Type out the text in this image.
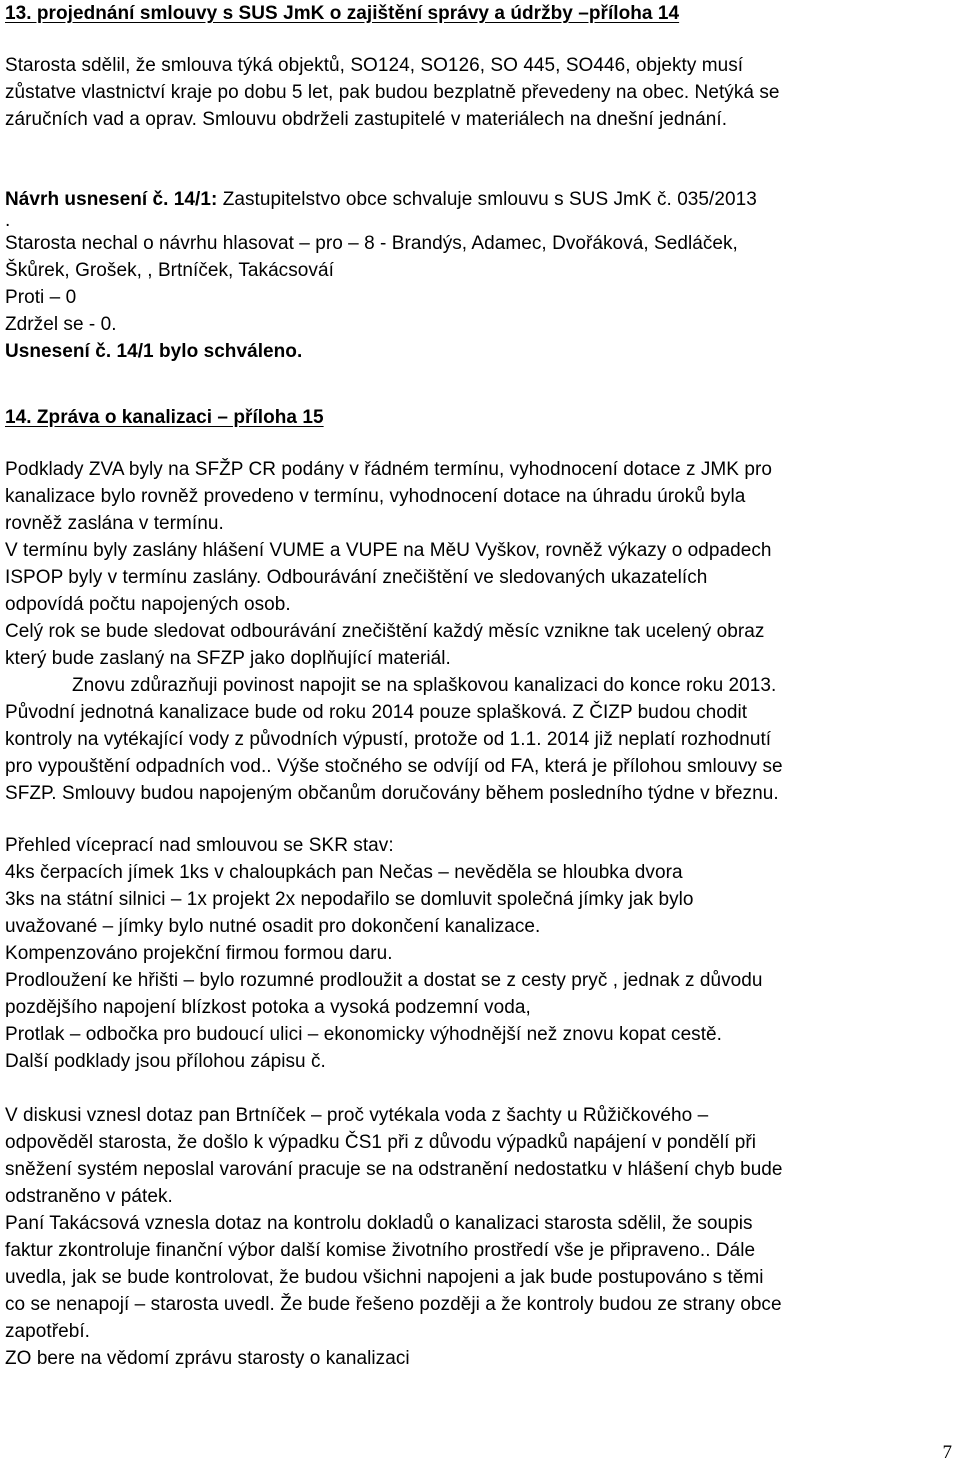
13. projednání smlouvy s SUS JmK o zajištění správy a údržby –příloha 14
Starosta sdělil, že smlouva týká objektů, SO124, SO126, SO 445, SO446, objekty musí
zůstatve vlastnictví kraje po dobu 5 let, pak budou bezplatně převedeny na obec. Netýká se
záručních vad a oprav. Smlouvu obdrželi zastupitelé v materiálech na dnešní jednání.
Návrh usnesení č. 14/1: Zastupitelstvo obce schvaluje smlouvu s SUS JmK č. 035/2013
.
Starosta nechal o návrhu hlasovat – pro – 8 - Brandýs, Adamec, Dvořáková, Sedláček,
Škůrek, Grošek, , Brtníček, Takácsováí
Proti – 0
Zdržel se - 0.
Usnesení č. 14/1 bylo schváleno.
14. Zpráva o kanalizaci – příloha 15
Podklady ZVA byly na SFŽP CR podány v řádném termínu, vyhodnocení dotace z JMK pro
kanalizace bylo rovněž provedeno v termínu, vyhodnocení dotace na úhradu úroků byla
rovněž zaslána v termínu.
V termínu byly zaslány hlášení VUME a VUPE na MěU Vyškov, rovněž výkazy o odpadech
ISPOP byly v termínu zaslány. Odbourávání znečištění ve sledovaných ukazatelích
odpovídá počtu napojených osob.
Celý rok se bude sledovat odbourávání znečištění každý měsíc vznikne tak ucelený obraz
který bude zaslaný na SFZP jako doplňující materiál.
Znovu zdůrazňuji povinost napojit se na splaškovou kanalizaci do konce roku 2013.
Původní jednotná kanalizace bude od roku 2014 pouze splašková. Z ČIZP budou chodit
kontroly na vytékající vody z původních výpustí, protože od 1.1. 2014 již neplatí rozhodnutí
pro vypouštění odpadních vod.. Výše stočného se odvíjí od FA, která je přílohou smlouvy se
SFZP. Smlouvy budou napojeným občanům doručovány během posledního týdne v březnu.
Přehled víceprací nad smlouvou se SKR stav:
4ks čerpacích jímek 1ks v chaloupkách pan Nečas – nevěděla se hloubka dvora
3ks na státní silnici – 1x projekt 2x nepodařilo se domluvit společná jímky jak bylo
uvažované – jímky bylo nutné osadit pro dokončení kanalizace.
Kompenzováno projekční firmou formou daru.
Prodloužení ke hřišti – bylo rozumné prodloužit a dostat se z cesty pryč , jednak z důvodu
pozdějšího napojení blízkost potoka a vysoká podzemní voda,
Protlak – odbočka pro budoucí ulici – ekonomicky výhodnější než znovu kopat cestě.
Další podklady jsou přílohou zápisu č.
V diskusi vznesl dotaz pan Brtníček – proč vytékala voda z šachty u Růžičkového –
odpověděl starosta, že došlo k výpadku ČS1 při z důvodu výpadků napájení v pondělí při
sněžení systém neposlal varování pracuje se na odstranění nedostatku v hlášení chyb bude
odstraněno v pátek.
Paní Takácsová vznesla dotaz na kontrolu dokladů o kanalizaci starosta sdělil, že soupis
faktur zkontroluje finanční výbor další komise životního prostředí vše je připraveno.. Dále
uvedla, jak se bude kontrolovat, že budou všichni napojeni a jak bude postupováno s těmi
co se nenapojí – starosta uvedl. Že bude řešeno později a že kontroly budou ze strany obce
zapotřebí.
ZO bere na vědomí zprávu starosty o kanalizaci
7
